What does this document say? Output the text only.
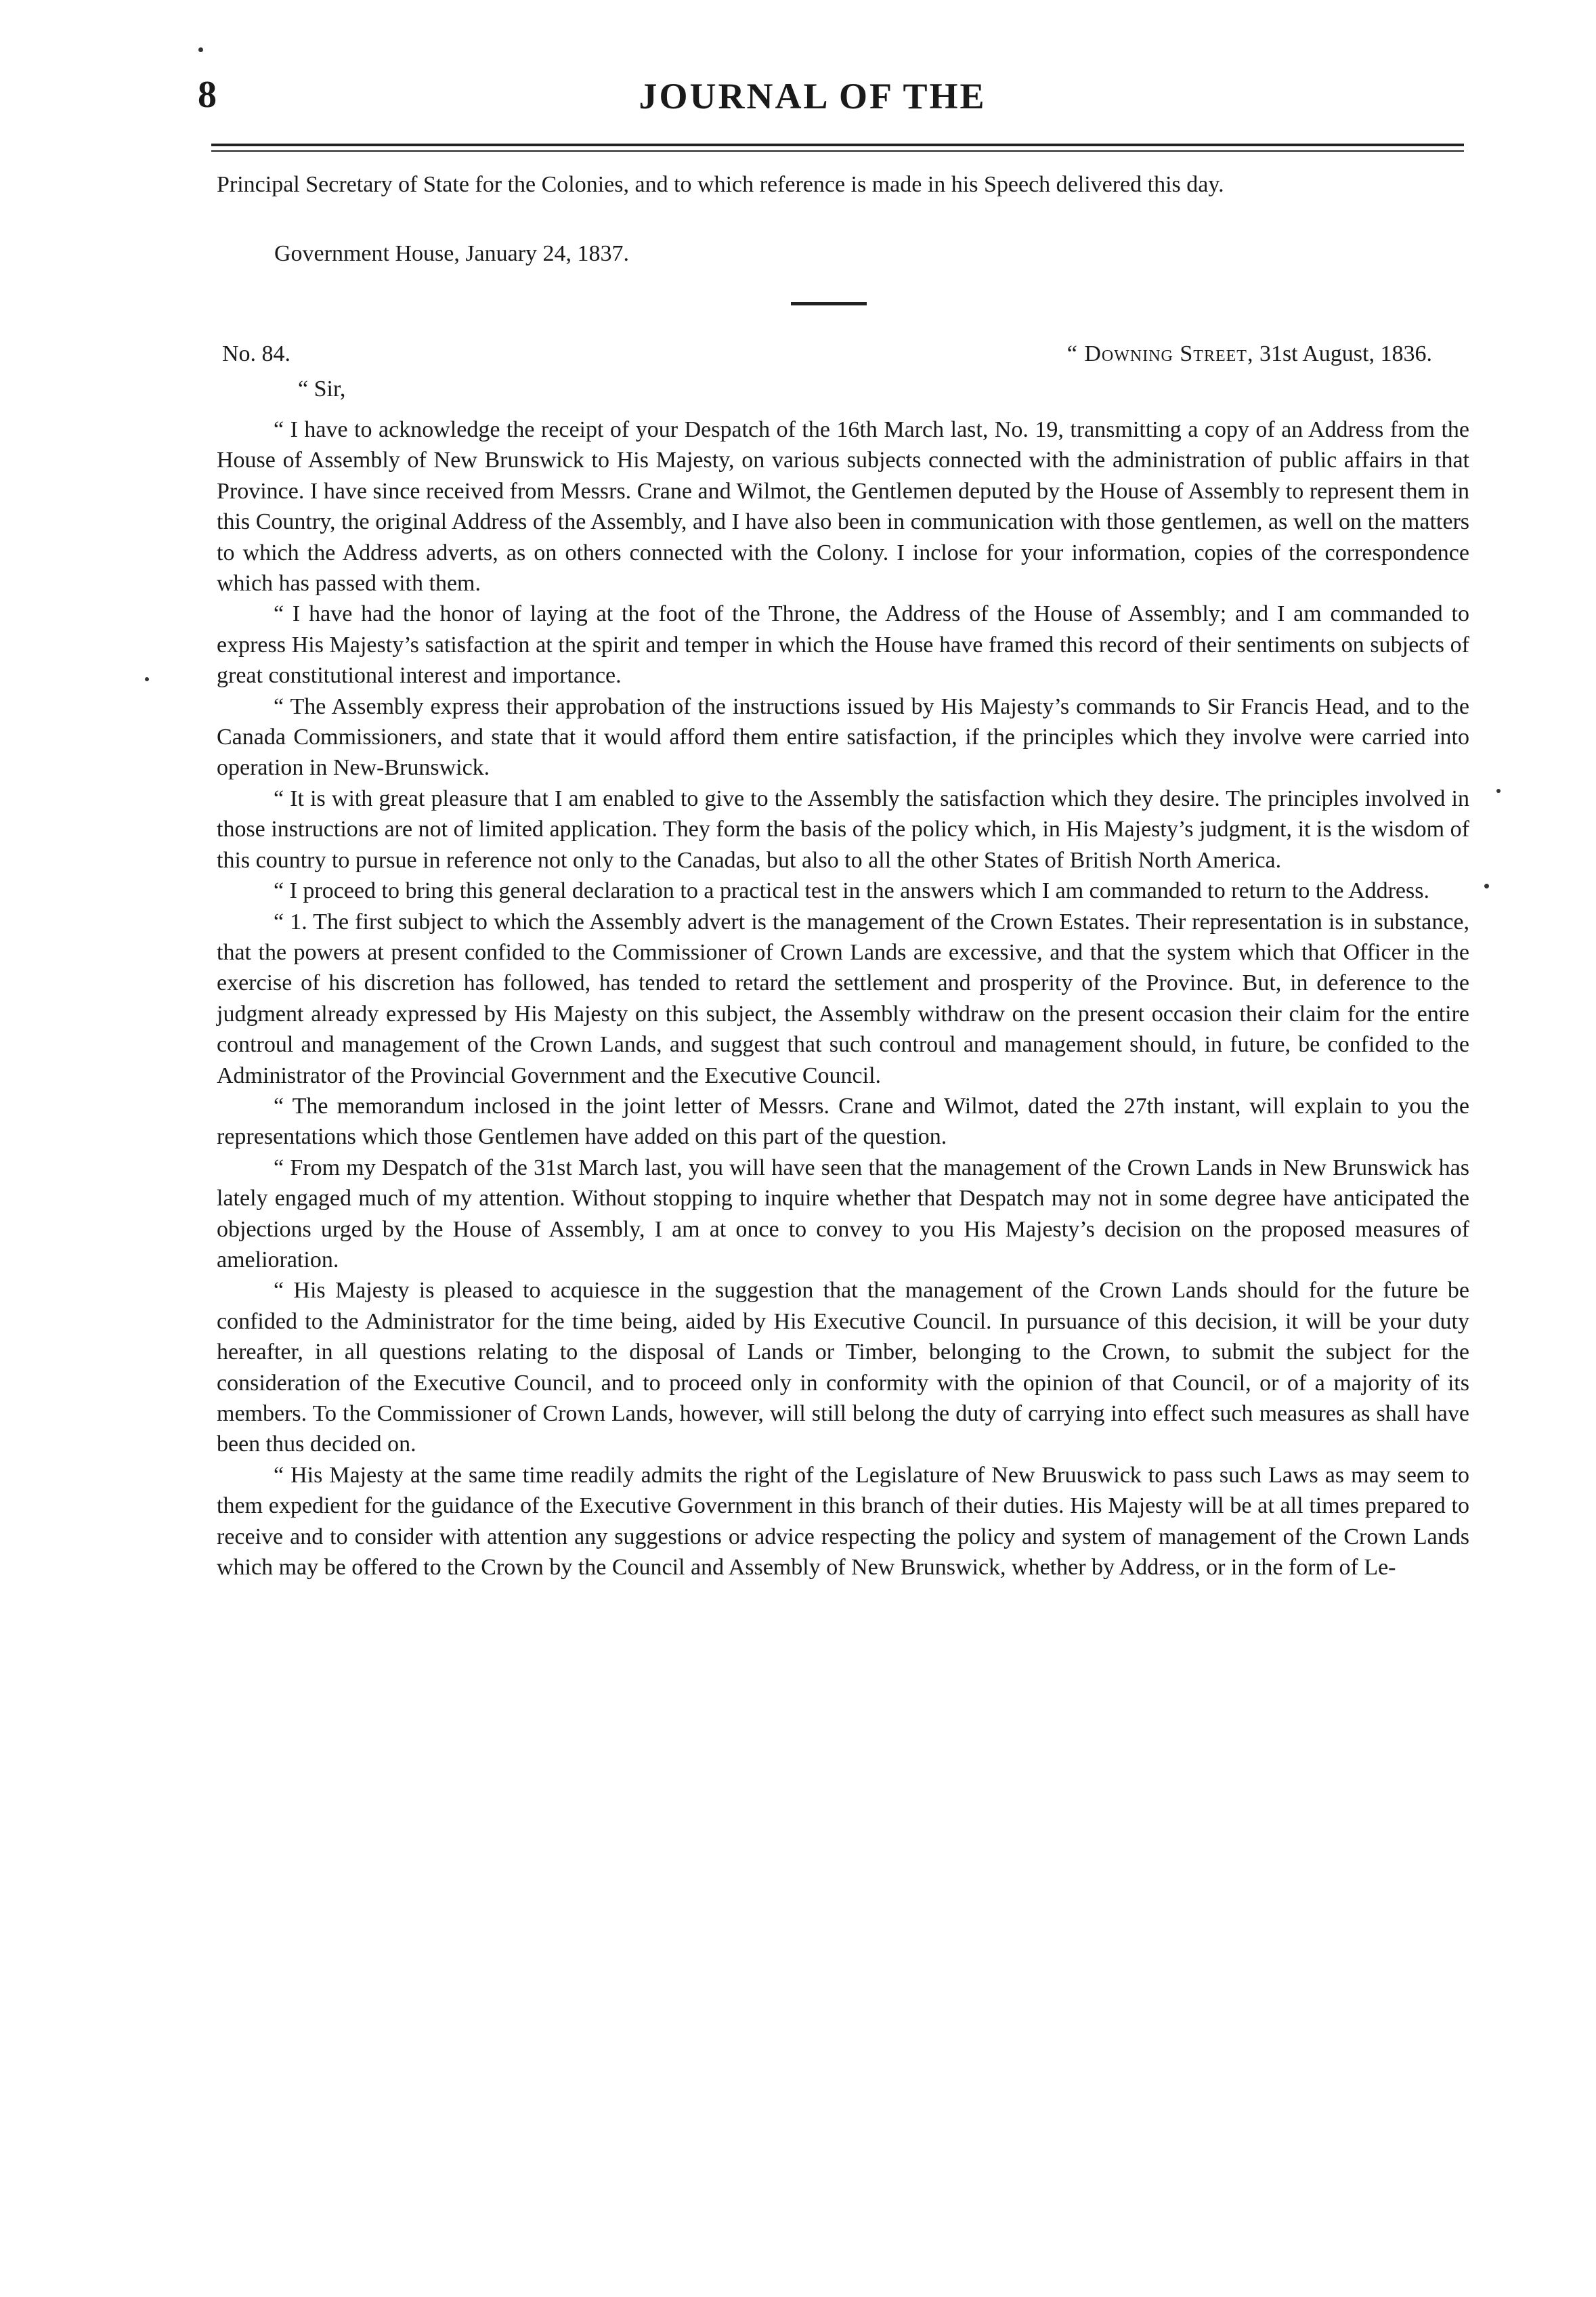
8	JOURNAL OF THE

Principal Secretary of State for the Colonies, and to which reference is made in his Speech delivered this day.

Government House, January 24, 1837.
No. 84.	“ Downing Street, 31st August, 1836.
“ Sir,

“ I have to acknowledge the receipt of your Despatch of the 16th March last, No. 19, transmitting a copy of an Address from the House of Assembly of New Brunswick to His Majesty, on various subjects connected with the administration of public affairs in that Province. I have since received from Messrs. Crane and Wilmot, the Gentlemen deputed by the House of Assembly to represent them in this Country, the original Address of the Assembly, and I have also been in communication with those gentlemen, as well on the matters to which the Address adverts, as on others connected with the Colony. I inclose for your information, copies of the correspondence which has passed with them.

“ I have had the honor of laying at the foot of the Throne, the Address of the House of Assembly; and I am commanded to express His Majesty’s satisfaction at the spirit and temper in which the House have framed this record of their sentiments on subjects of great constitutional interest and importance.

“ The Assembly express their approbation of the instructions issued by His Majesty’s commands to Sir Francis Head, and to the Canada Commissioners, and state that it would afford them entire satisfaction, if the principles which they involve were carried into operation in New-Brunswick.

“ It is with great pleasure that I am enabled to give to the Assembly the satisfaction which they desire. The principles involved in those instructions are not of limited application. They form the basis of the policy which, in His Majesty’s judgment, it is the wisdom of this country to pursue in reference not only to the Canadas, but also to all the other States of British North America.

“ I proceed to bring this general declaration to a practical test in the answers which I am commanded to return to the Address.

“ 1. The first subject to which the Assembly advert is the management of the Crown Estates. Their representation is in substance, that the powers at present confided to the Commissioner of Crown Lands are excessive, and that the system which that Officer in the exercise of his discretion has followed, has tended to retard the settlement and prosperity of the Province. But, in deference to the judgment already expressed by His Majesty on this subject, the Assembly withdraw on the present occasion their claim for the entire controul and management of the Crown Lands, and suggest that such controul and management should, in future, be confided to the Administrator of the Provincial Government and the Executive Council.

“ The memorandum inclosed in the joint letter of Messrs. Crane and Wilmot, dated the 27th instant, will explain to you the representations which those Gentlemen have added on this part of the question.

“ From my Despatch of the 31st March last, you will have seen that the management of the Crown Lands in New Brunswick has lately engaged much of my attention. Without stopping to inquire whether that Despatch may not in some degree have anticipated the objections urged by the House of Assembly, I am at once to convey to you His Majesty’s decision on the proposed measures of amelioration.

“ His Majesty is pleased to acquiesce in the suggestion that the management of the Crown Lands should for the future be confided to the Administrator for the time being, aided by His Executive Council. In pursuance of this decision, it will be your duty hereafter, in all questions relating to the disposal of Lands or Timber, belonging to the Crown, to submit the subject for the consideration of the Executive Council, and to proceed only in conformity with the opinion of that Council, or of a majority of its members. To the Commissioner of Crown Lands, however, will still belong the duty of carrying into effect such measures as shall have been thus decided on.

“ His Majesty at the same time readily admits the right of the Legislature of New Bruuswick to pass such Laws as may seem to them expedient for the guidance of the Executive Government in this branch of their duties. His Majesty will be at all times prepared to receive and to consider with attention any suggestions or advice respecting the policy and system of management of the Crown Lands which may be offered to the Crown by the Council and Assembly of New Brunswick, whether by Address, or in the form of Le-
